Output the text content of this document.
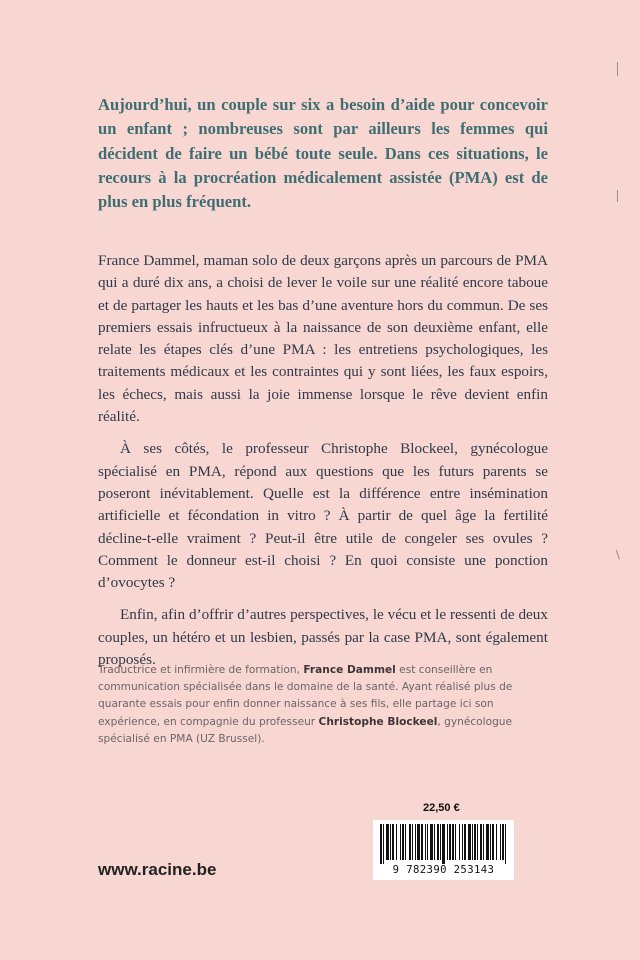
Aujourd’hui, un couple sur six a besoin d’aide pour concevoir un enfant ; nombreuses sont par ailleurs les femmes qui décident de faire un bébé toute seule. Dans ces situations, le recours à la procréation médicalement assistée (PMA) est de plus en plus fréquent.

France Dammel, maman solo de deux garçons après un parcours de PMA qui a duré dix ans, a choisi de lever le voile sur une réalité encore taboue et de partager les hauts et les bas d’une aventure hors du commun. De ses premiers essais infructueux à la naissance de son deuxième enfant, elle relate les étapes clés d’une PMA : les entretiens psychologiques, les traitements médicaux et les contraintes qui y sont liées, les faux espoirs, les échecs, mais aussi la joie immense lorsque le rêve devient enfin réalité.

À ses côtés, le professeur Christophe Blockeel, gynécologue spécialisé en PMA, répond aux questions que les futurs parents se poseront inévitablement. Quelle est la différence entre insémination artificielle et fécondation in vitro ? À partir de quel âge la fertilité décline-t-elle vraiment ? Peut-il être utile de congeler ses ovules ? Comment le donneur est-il choisi ? En quoi consiste une ponction d’ovocytes ?

Enfin, afin d’offrir d’autres perspectives, le vécu et le ressenti de deux couples, un hétéro et un lesbien, passés par la case PMA, sont également proposés.

Traductrice et infirmière de formation, France Dammel est conseillère en communication spécialisée dans le domaine de la santé. Ayant réalisé plus de quarante essais pour enfin donner naissance à ses fils, elle partage ici son expérience, en compagnie du professeur Christophe Blockeel, gynécologue spécialisé en PMA (UZ Brussel).

22,50 €
9 782390 253143
www.racine.be
